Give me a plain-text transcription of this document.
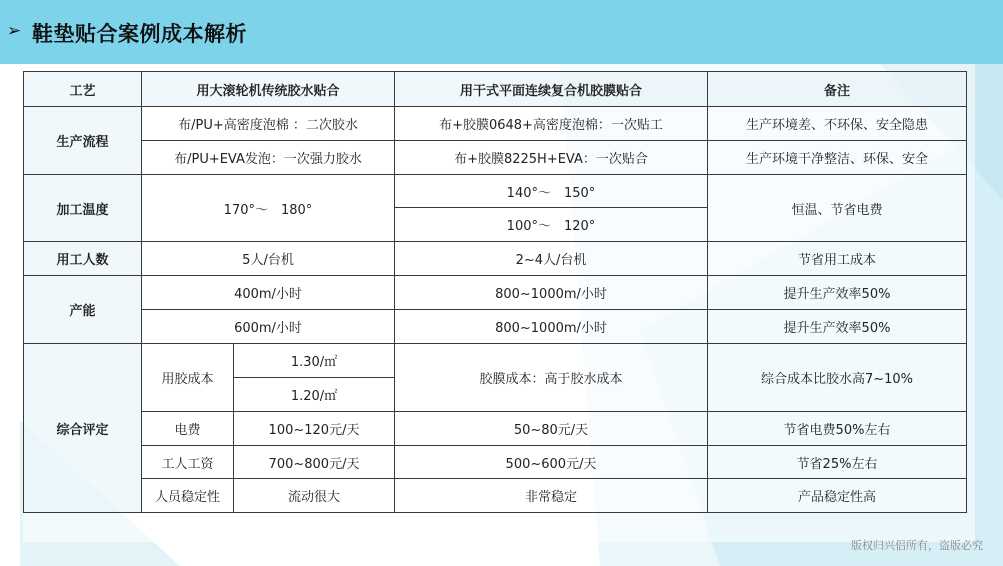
➢ 鞋垫贴合案例成本解析
工艺	用大滚轮机传统胶水贴合		用干式平面连续复合机胶膜贴合	备注
生产流程	布/PU+高密度泡棉 ：二次胶水		布+胶膜0648+高密度泡棉：一次贴工	生产环境差、不环保、安全隐患
	布/PU+EVA发泡：一次强力胶水		布+胶膜8225H+EVA：一次贴合	生产环境干净整洁、环保、安全
加工温度	170°～　180°		140°～　150°	恒温、节省电费
			100°～　120°	
用工人数	5人/台机		2~4人/台机	节省用工成本
产能	400m/小时		800~1000m/小时	提升生产效率50%
	600m/小时		800~1000m/小时	提升生产效率50%
综合评定	用胶成本	1.30/㎡	胶膜成本：高于胶水成本	综合成本比胶水高7~10%
		1.20/㎡		
	电费	100~120元/天	50~80元/天	节省电费50%左右
	工人工资	700~800元/天	500~600元/天	节省25%左右
	人员稳定性	流动很大	非常稳定	产品稳定性高
版权归兴侣所有，盗版必究
